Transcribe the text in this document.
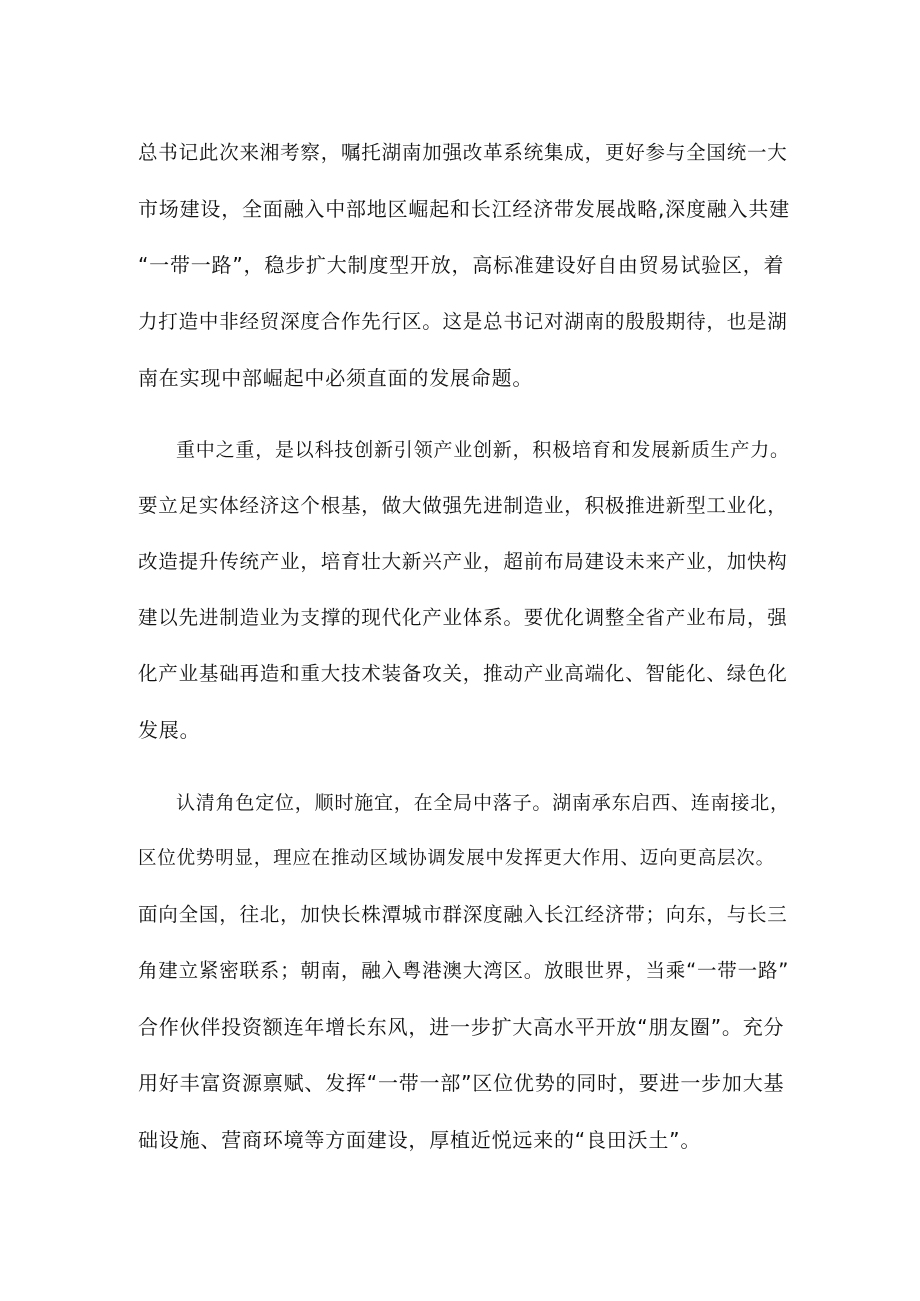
总书记此次来湘考察，嘱托湖南加强改革系统集成，更好参与全国统一大
市场建设，全面融入中部地区崛起和长江经济带发展战略,深度融入共建
“一带一路”，稳步扩大制度型开放，高标准建设好自由贸易试验区，着
力打造中非经贸深度合作先行区。这是总书记对湖南的殷殷期待，也是湖
南在实现中部崛起中必须直面的发展命题。
重中之重，是以科技创新引领产业创新，积极培育和发展新质生产力。
要立足实体经济这个根基，做大做强先进制造业，积极推进新型工业化，
改造提升传统产业，培育壮大新兴产业，超前布局建设未来产业，加快构
建以先进制造业为支撑的现代化产业体系。要优化调整全省产业布局，强
化产业基础再造和重大技术装备攻关，推动产业高端化、智能化、绿色化
发展。
认清角色定位，顺时施宜，在全局中落子。湖南承东启西、连南接北，
区位优势明显，理应在推动区域协调发展中发挥更大作用、迈向更高层次。
面向全国，往北，加快长株潭城市群深度融入长江经济带；向东，与长三
角建立紧密联系；朝南，融入粤港澳大湾区。放眼世界，当乘“一带一路”
合作伙伴投资额连年增长东风，进一步扩大高水平开放“朋友圈”。充分
用好丰富资源禀赋、发挥“一带一部”区位优势的同时，要进一步加大基
础设施、营商环境等方面建设，厚植近悦远来的“良田沃土”。
